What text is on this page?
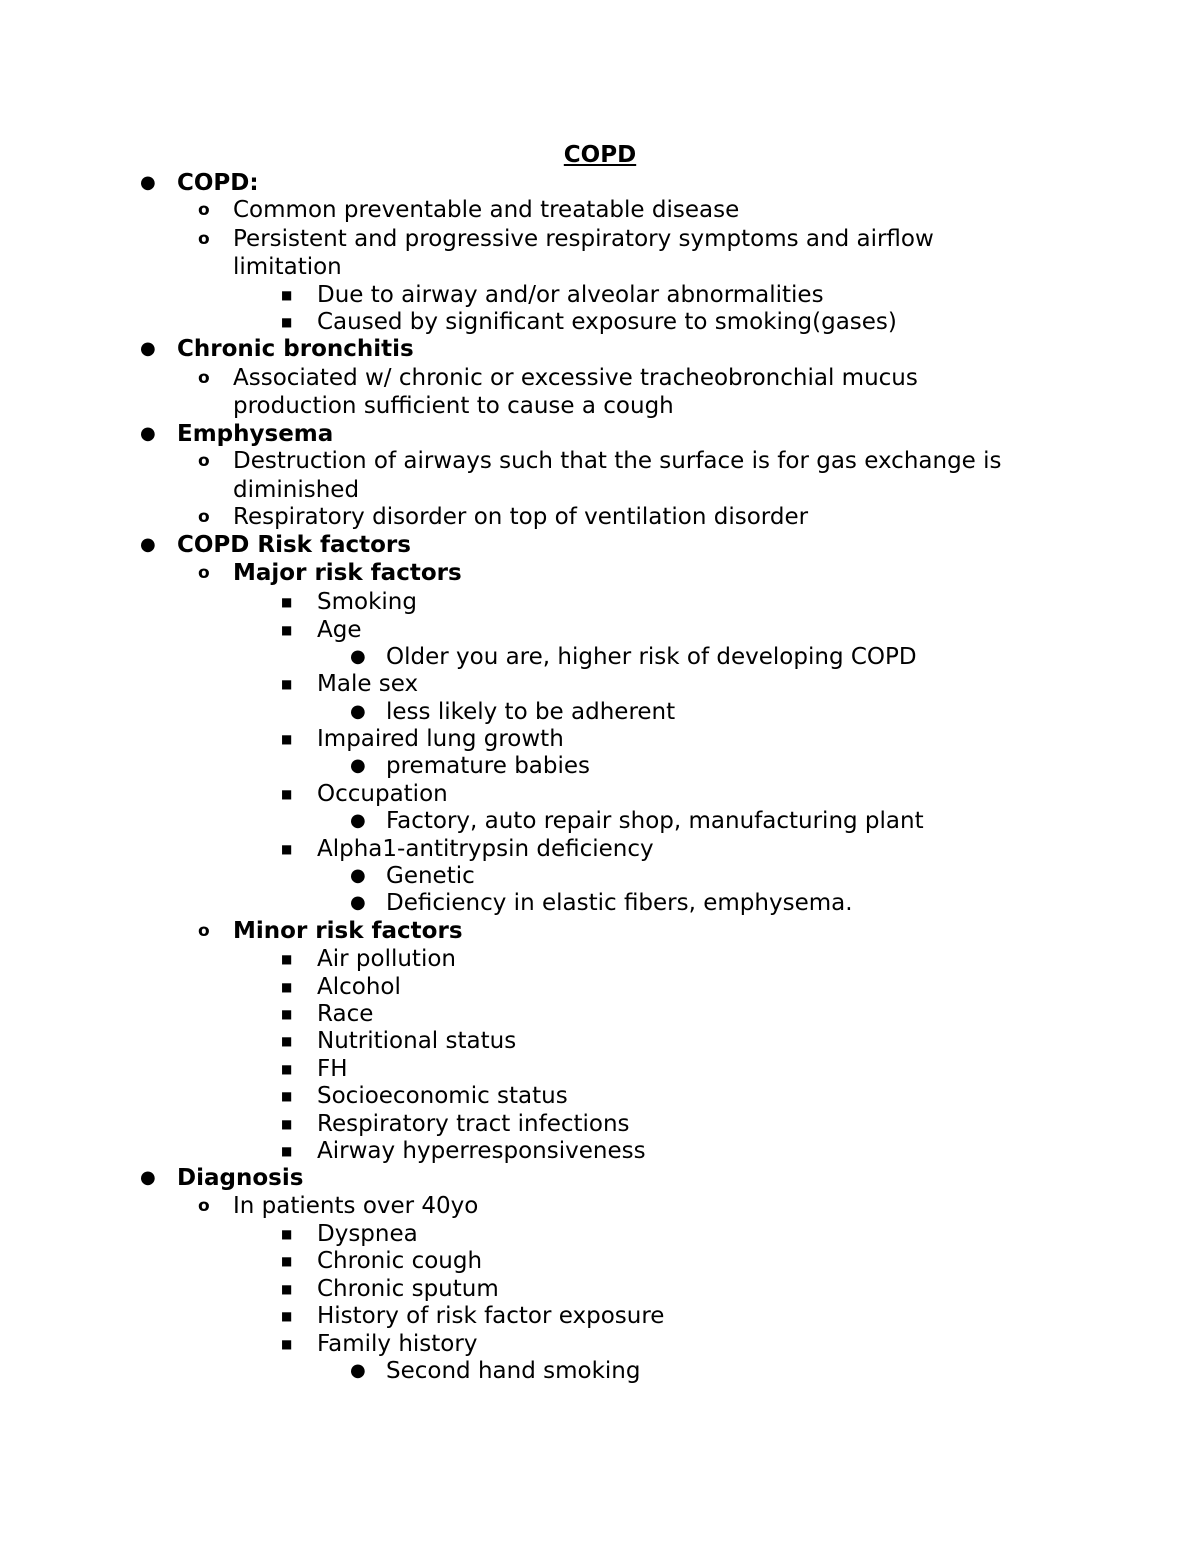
COPD
● COPD:
o Common preventable and treatable disease
o Persistent and progressive respiratory symptoms and airflow
limitation
■ Due to airway and/or alveolar abnormalities
■ Caused by significant exposure to smoking(gases)
● Chronic bronchitis
o Associated w/ chronic or excessive tracheobronchial mucus
production sufficient to cause a cough
● Emphysema
o Destruction of airways such that the surface is for gas exchange is
diminished
o Respiratory disorder on top of ventilation disorder
● COPD Risk factors
o Major risk factors
■ Smoking
■ Age
● Older you are, higher risk of developing COPD
■ Male sex
● less likely to be adherent
■ Impaired lung growth
● premature babies
■ Occupation
● Factory, auto repair shop, manufacturing plant
■ Alpha1-antitrypsin deficiency
● Genetic
● Deficiency in elastic fibers, emphysema.
o Minor risk factors
■ Air pollution
■ Alcohol
■ Race
■ Nutritional status
■ FH
■ Socioeconomic status
■ Respiratory tract infections
■ Airway hyperresponsiveness
● Diagnosis
o In patients over 40yo
■ Dyspnea
■ Chronic cough
■ Chronic sputum
■ History of risk factor exposure
■ Family history
● Second hand smoking
